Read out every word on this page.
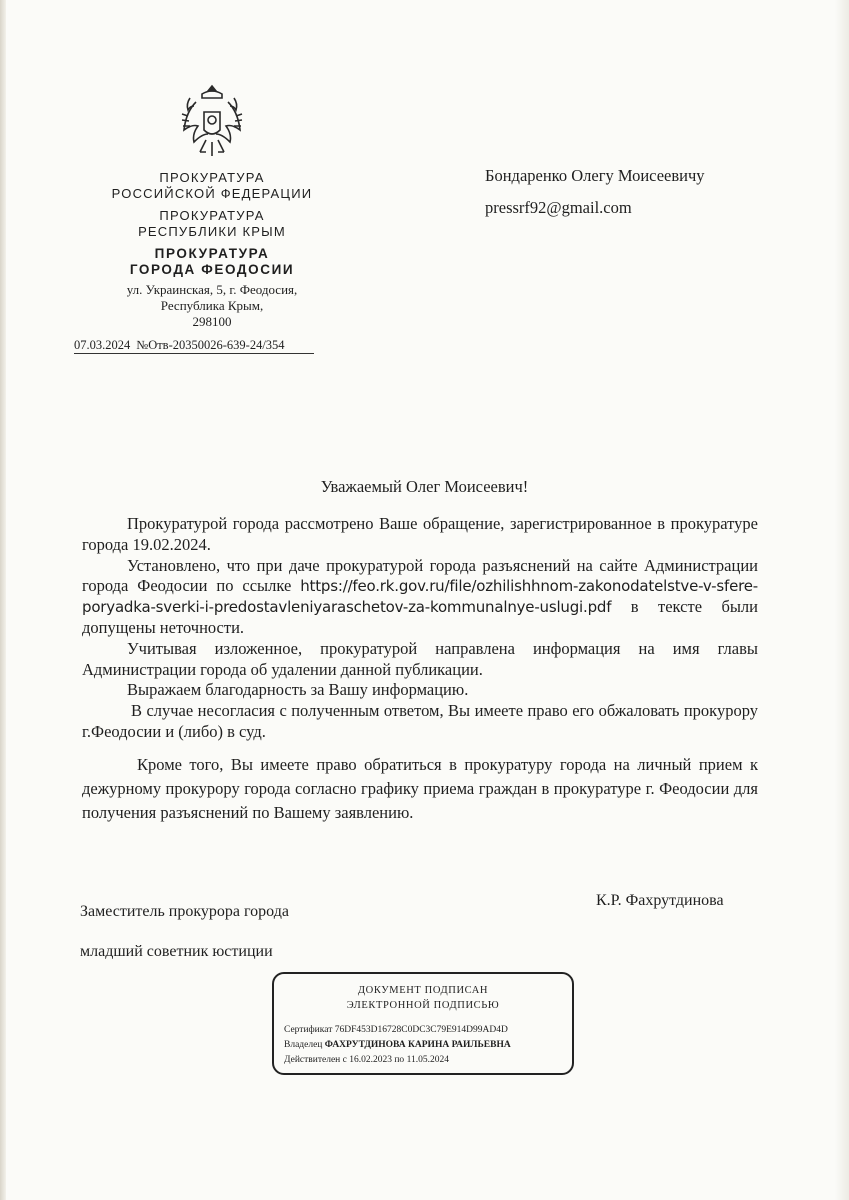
ПРОКУРАТУРА
РОССИЙСКОЙ ФЕДЕРАЦИИ
ПРОКУРАТУРА
РЕСПУБЛИКИ КРЫМ
ПРОКУРАТУРА
ГОРОДА ФЕОДОСИИ
ул. Украинская, 5, г. Феодосия,
Республика Крым,
298100
07.03.2024 №Отв-20350026-639-24/354
Бондаренко Олегу Моисеевичу
pressrf92@gmail.com
Уважаемый Олег Моисеевич!

Прокуратурой города рассмотрено Ваше обращение, зарегистрированное в прокуратуре города 19.02.2024.

Установлено, что при даче прокуратурой города разъяснений на сайте Администрации города Феодосии по ссылке https://feo.rk.gov.ru/file/ozhilishhnom-zakonodatelstve-v-sfere-poryadka-sverki-i-predostavleniyaraschetov-za-kommunalnye-uslugi.pdf в тексте были допущены неточности.

Учитывая изложенное, прокуратурой направлена информация на имя главы Администрации города об удалении данной публикации.

Выражаем благодарность за Вашу информацию.

В случае несогласия с полученным ответом, Вы имеете право его обжаловать прокурору г.Феодосии и (либо) в суд.

Кроме того, Вы имеете право обратиться в прокуратуру города на личный прием к дежурному прокурору города согласно графику приема граждан в прокуратуре г. Феодосии для получения разъяснений по Вашему заявлению.

Заместитель прокурора города
младший советник юстиции
К.Р. Фахрутдинова
ДОКУМЕНТ ПОДПИСАН
ЭЛЕКТРОННОЙ ПОДПИСЬЮ
Сертификат 76DF453D16728C0DC3C79E914D99AD4D
Владелец ФАХРУТДИНОВА КАРИНА РАИЛЬЕВНА
Действителен с 16.02.2023 по 11.05.2024
